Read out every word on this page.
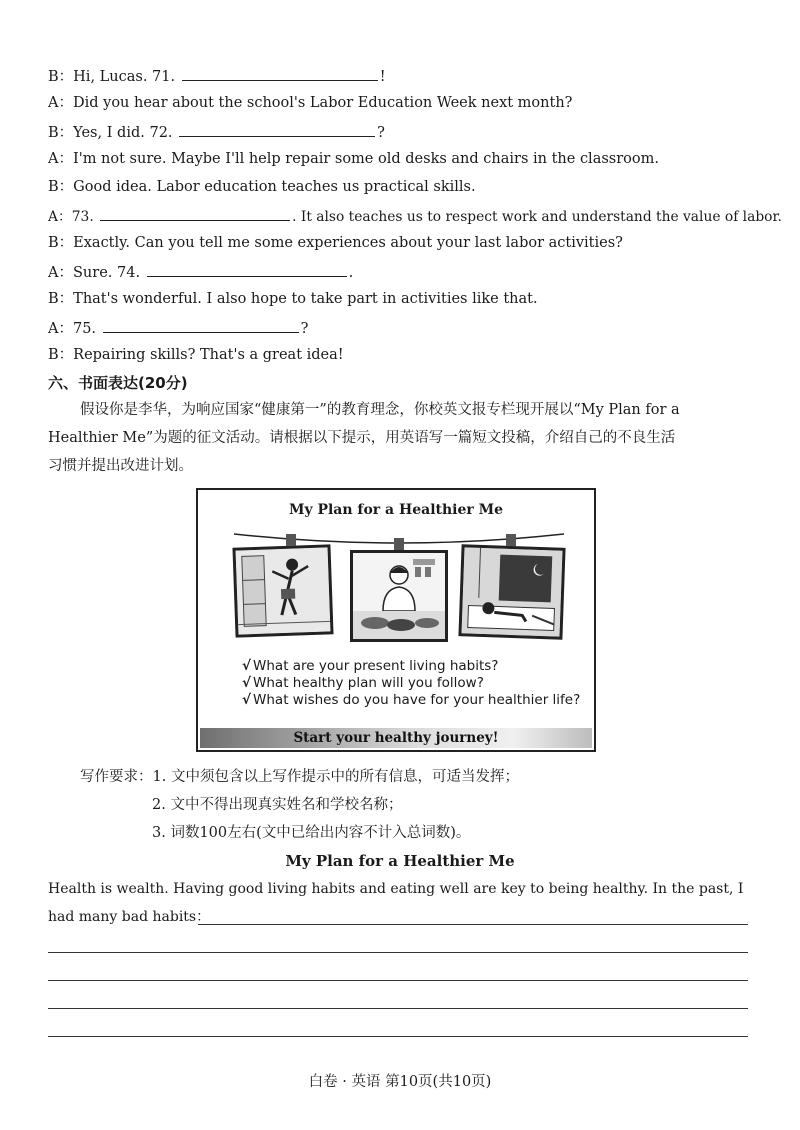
B：Hi, Lucas. 71.	!
A：Did you hear about the school's Labor Education Week next month?
B：Yes, I did. 72.	?
A：I'm not sure. Maybe I'll help repair some old desks and chairs in the classroom.
B：Good idea. Labor education teaches us practical skills.
A：73.	. It also teaches us to respect work and understand the value of labor.
B：Exactly. Can you tell me some experiences about your last labor activities?
A：Sure. 74.	.
B：That's wonderful. I also hope to take part in activities like that.
A：75.	?
B：Repairing skills? That's a great idea!
六、书面表达(20分)

假设你是李华，为响应国家“健康第一”的教育理念，你校英文报专栏现开展以“My Plan for a

Healthier Me”为题的征文活动。请根据以下提示，用英语写一篇短文投稿，介绍自己的不良生活

习惯并提出改进计划。

My Plan for a Healthier Me
√ What are your present living habits?
√ What healthy plan will you follow?
√ What wishes do you have for your healthier life?
Start your healthy journey!
写作要求：1. 文中须包含以上写作提示中的所有信息，可适当发挥；
2. 文中不得出现真实姓名和学校名称；
3. 词数100左右(文中已给出内容不计入总词数)。
My Plan for a Healthier Me
Health is wealth. Having good living habits and eating well are key to being healthy. In the past, I
had many bad habits：
白卷 · 英语 第10页(共10页)
